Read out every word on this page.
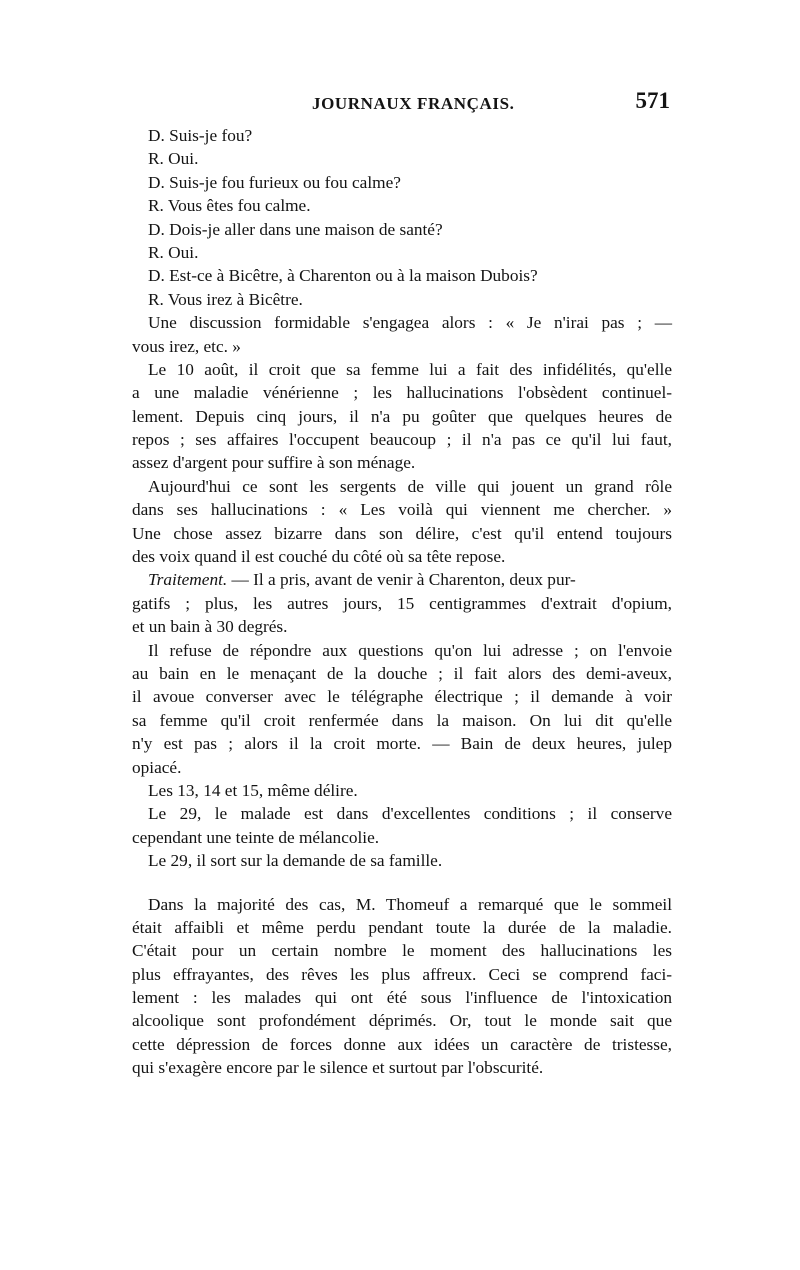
JOURNAUX FRANÇAIS.	571
D. Suis-je fou?
R. Oui.
D. Suis-je fou furieux ou fou calme?
R. Vous êtes fou calme.
D. Dois-je aller dans une maison de santé?
R. Oui.
D. Est-ce à Bicêtre, à Charenton ou à la maison Dubois?
R. Vous irez à Bicêtre.
Une discussion formidable s'engagea alors : « Je n'irai pas ; —
vous irez, etc. »
Le 10 août, il croit que sa femme lui a fait des infidélités, qu'elle
a une maladie vénérienne ; les hallucinations l'obsèdent continuel-
lement. Depuis cinq jours, il n'a pu goûter que quelques heures de
repos ; ses affaires l'occupent beaucoup ; il n'a pas ce qu'il lui faut,
assez d'argent pour suffire à son ménage.
Aujourd'hui ce sont les sergents de ville qui jouent un grand rôle
dans ses hallucinations : « Les voilà qui viennent me chercher. »
Une chose assez bizarre dans son délire, c'est qu'il entend toujours
des voix quand il est couché du côté où sa tête repose.
Traitement. — Il a pris, avant de venir à Charenton, deux pur-
gatifs ; plus, les autres jours, 15 centigrammes d'extrait d'opium,
et un bain à 30 degrés.
Il refuse de répondre aux questions qu'on lui adresse ; on l'envoie
au bain en le menaçant de la douche ; il fait alors des demi-aveux,
il avoue converser avec le télégraphe électrique ; il demande à voir
sa femme qu'il croit renfermée dans la maison. On lui dit qu'elle
n'y est pas ; alors il la croit morte. — Bain de deux heures, julep
opiacé.
Les 13, 14 et 15, même délire.
Le 29, le malade est dans d'excellentes conditions ; il conserve
cependant une teinte de mélancolie.
Le 29, il sort sur la demande de sa famille.
Dans la majorité des cas, M. Thomeuf a remarqué que le sommeil
était affaibli et même perdu pendant toute la durée de la maladie.
C'était pour un certain nombre le moment des hallucinations les
plus effrayantes, des rêves les plus affreux. Ceci se comprend faci-
lement : les malades qui ont été sous l'influence de l'intoxication
alcoolique sont profondément déprimés. Or, tout le monde sait que
cette dépression de forces donne aux idées un caractère de tristesse,
qui s'exagère encore par le silence et surtout par l'obscurité.
